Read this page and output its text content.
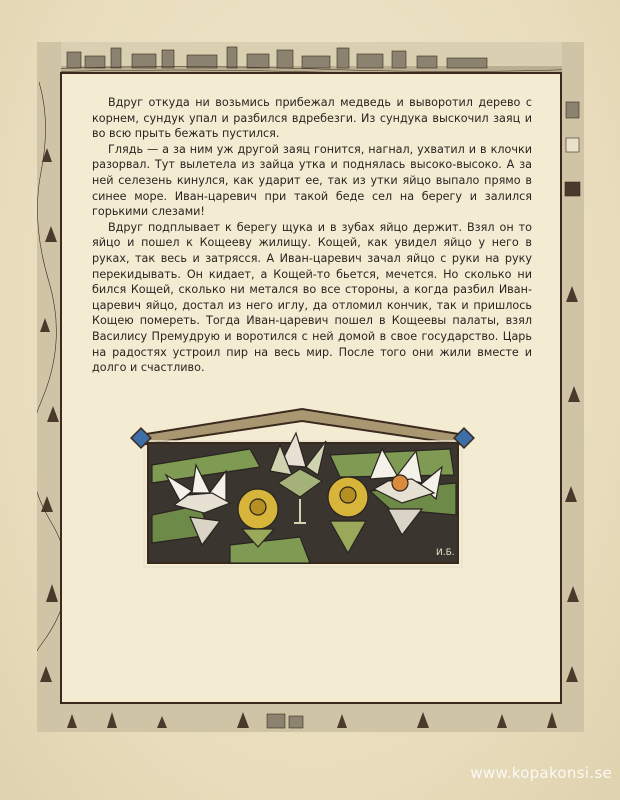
Вдруг откуда ни возьмись прибежал медведь и выворотил дерево с корнем, сундук упал и разбился вдребезги. Из сундука выскочил заяц и во всю прыть бежать пустился.

Глядь — а за ним уж другой заяц гонится, нагнал, ухватил и в клочки разорвал. Тут вылетела из зайца утка и поднялась высоко-высоко. А за ней селезень кинулся, как ударит ее, так из утки яйцо выпало прямо в синее море. Иван-царевич при такой беде сел на берегу и залился горькими слезами!

Вдруг подплывает к берегу щука и в зубах яйцо держит. Взял он то яйцо и пошел к Кощееву жилищу. Кощей, как увидел яйцо у него в руках, так весь и затрясся. А Иван-царевич зачал яйцо с руки на руку перекидывать. Он кидает, а Кощей-то бьется, мечется. Но сколько ни бился Кощей, сколько ни метался во все стороны, а когда разбил Иван-царевич яйцо, достал из него иглу, да отломил кончик, так и пришлось Кощею помереть. Тогда Иван-царевич пошел в Кощеевы палаты, взял Василису Премудрую и воротился с ней домой в свое государство. Царь на радостях устроил пир на весь мир. После того они жили вместе и долго и счастливо.

И.Б.
www.kopakonsi.se
